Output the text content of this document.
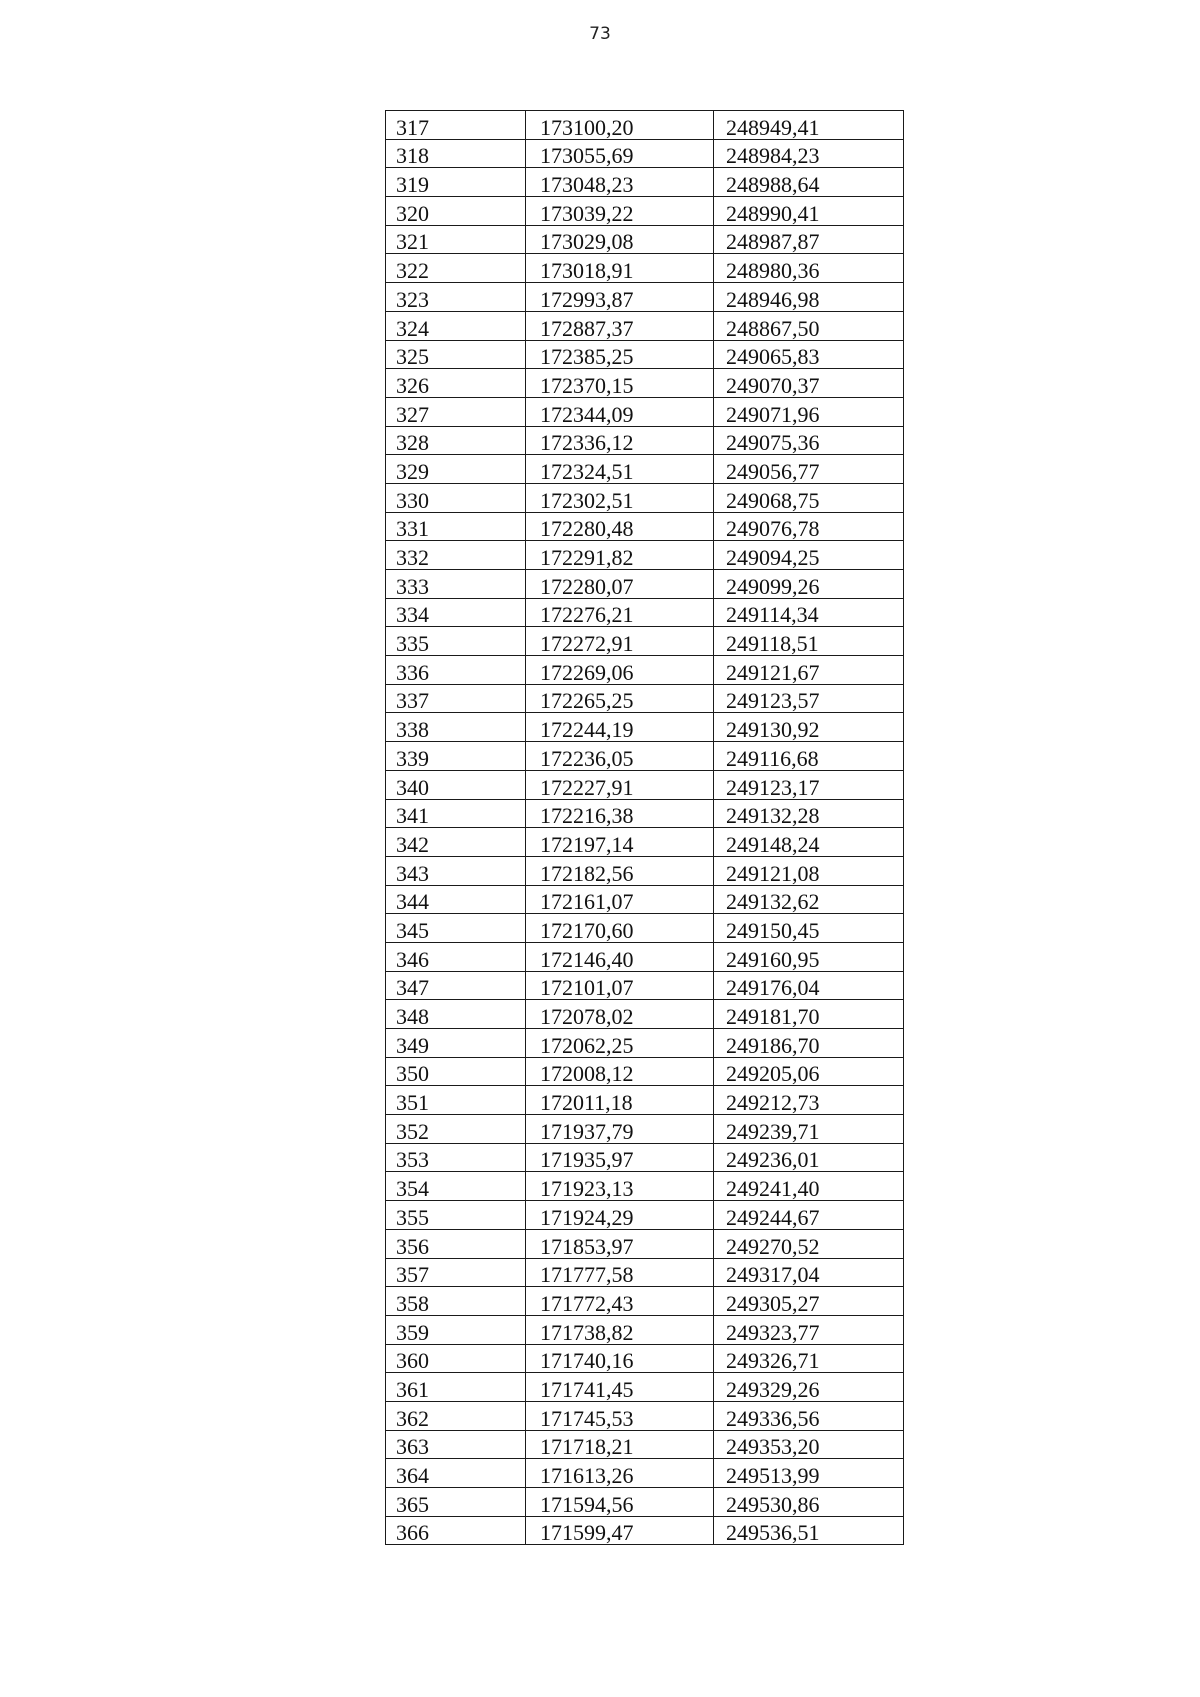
73
317	173100,20	248949,41
318	173055,69	248984,23
319	173048,23	248988,64
320	173039,22	248990,41
321	173029,08	248987,87
322	173018,91	248980,36
323	172993,87	248946,98
324	172887,37	248867,50
325	172385,25	249065,83
326	172370,15	249070,37
327	172344,09	249071,96
328	172336,12	249075,36
329	172324,51	249056,77
330	172302,51	249068,75
331	172280,48	249076,78
332	172291,82	249094,25
333	172280,07	249099,26
334	172276,21	249114,34
335	172272,91	249118,51
336	172269,06	249121,67
337	172265,25	249123,57
338	172244,19	249130,92
339	172236,05	249116,68
340	172227,91	249123,17
341	172216,38	249132,28
342	172197,14	249148,24
343	172182,56	249121,08
344	172161,07	249132,62
345	172170,60	249150,45
346	172146,40	249160,95
347	172101,07	249176,04
348	172078,02	249181,70
349	172062,25	249186,70
350	172008,12	249205,06
351	172011,18	249212,73
352	171937,79	249239,71
353	171935,97	249236,01
354	171923,13	249241,40
355	171924,29	249244,67
356	171853,97	249270,52
357	171777,58	249317,04
358	171772,43	249305,27
359	171738,82	249323,77
360	171740,16	249326,71
361	171741,45	249329,26
362	171745,53	249336,56
363	171718,21	249353,20
364	171613,26	249513,99
365	171594,56	249530,86
366	171599,47	249536,51
